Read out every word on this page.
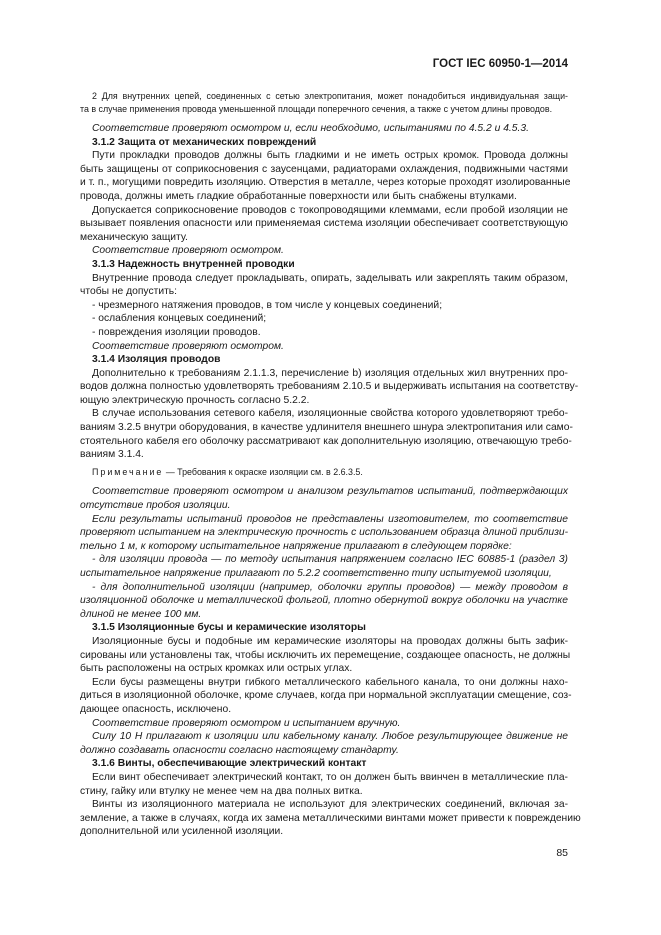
ГОСТ IEC 60950-1—2014
2 Для внутренних цепей, соединенных с сетью электропитания, может понадобиться индивидуальная защи-
та в случае применения провода уменьшенной площади поперечного сечения, а также с учетом длины проводов.
Соответствие проверяют осмотром и, если необходимо, испытаниями по 4.5.2 и 4.5.3.
3.1.2 Защита от механических повреждений
Пути прокладки проводов должны быть гладкими и не иметь острых кромок. Провода должны
быть защищены от соприкосновения с заусенцами, радиаторами охлаждения, подвижными частями
и т. п., могущими повредить изоляцию. Отверстия в металле, через которые проходят изолированные
провода, должны иметь гладкие обработанные поверхности или быть снабжены втулками.
Допускается соприкосновение проводов с токопроводящими клеммами, если пробой изоляции не
вызывает появления опасности или применяемая система изоляции обеспечивает соответствующую
механическую защиту.
Соответствие проверяют осмотром.
3.1.3 Надежность внутренней проводки
Внутренние провода следует прокладывать, опирать, заделывать или закреплять таким образом,
чтобы не допустить:
- чрезмерного натяжения проводов, в том числе у концевых соединений;
- ослабления концевых соединений;
- повреждения изоляции проводов.
Соответствие проверяют осмотром.
3.1.4 Изоляция проводов
Дополнительно к требованиям 2.1.1.3, перечисление b) изоляция отдельных жил внутренних про-
водов должна полностью удовлетворять требованиям 2.10.5 и выдерживать испытания на соответству-
ющую электрическую прочность согласно 5.2.2.
В случае использования сетевого кабеля, изоляционные свойства которого удовлетворяют требо-
ваниям 3.2.5 внутри оборудования, в качестве удлинителя внешнего шнура электропитания или само-
стоятельного кабеля его оболочку рассматривают как дополнительную изоляцию, отвечающую требо-
ваниям 3.1.4.
Примечание — Требования к окраске изоляции см. в 2.6.3.5.
Соответствие проверяют осмотром и анализом результатов испытаний, подтверждающих
отсутствие пробоя изоляции.
Если результаты испытаний проводов не представлены изготовителем, то соответствие
проверяют испытанием на электрическую прочность с использованием образца длиной приблизи-
тельно 1 м, к которому испытательное напряжение прилагают в следующем порядке:
- для изоляции провода — по методу испытания напряжением согласно IEC 60885-1 (раздел 3)
испытательное напряжение прилагают по 5.2.2 соответственно типу испытуемой изоляции,
- для дополнительной изоляции (например, оболочки группы проводов) — между проводом в
изоляционной оболочке и металлической фольгой, плотно обернутой вокруг оболочки на участке
длиной не менее 100 мм.
3.1.5 Изоляционные бусы и керамические изоляторы
Изоляционные бусы и подобные им керамические изоляторы на проводах должны быть зафик-
сированы или установлены так, чтобы исключить их перемещение, создающее опасность, не должны
быть расположены на острых кромках или острых углах.
Если бусы размещены внутри гибкого металлического кабельного канала, то они должны нахо-
диться в изоляционной оболочке, кроме случаев, когда при нормальной эксплуатации смещение, соз-
дающее опасность, исключено.
Соответствие проверяют осмотром и испытанием вручную.
Силу 10 Н прилагают к изоляции или кабельному каналу. Любое результирующее движение не
должно создавать опасности согласно настоящему стандарту.
3.1.6 Винты, обеспечивающие электрический контакт
Если винт обеспечивает электрический контакт, то он должен быть ввинчен в металлические пла-
стину, гайку или втулку не менее чем на два полных витка.
Винты из изоляционного материала не используют для электрических соединений, включая за-
земление, а также в случаях, когда их замена металлическими винтами может привести к повреждению
дополнительной или усиленной изоляции.
85
